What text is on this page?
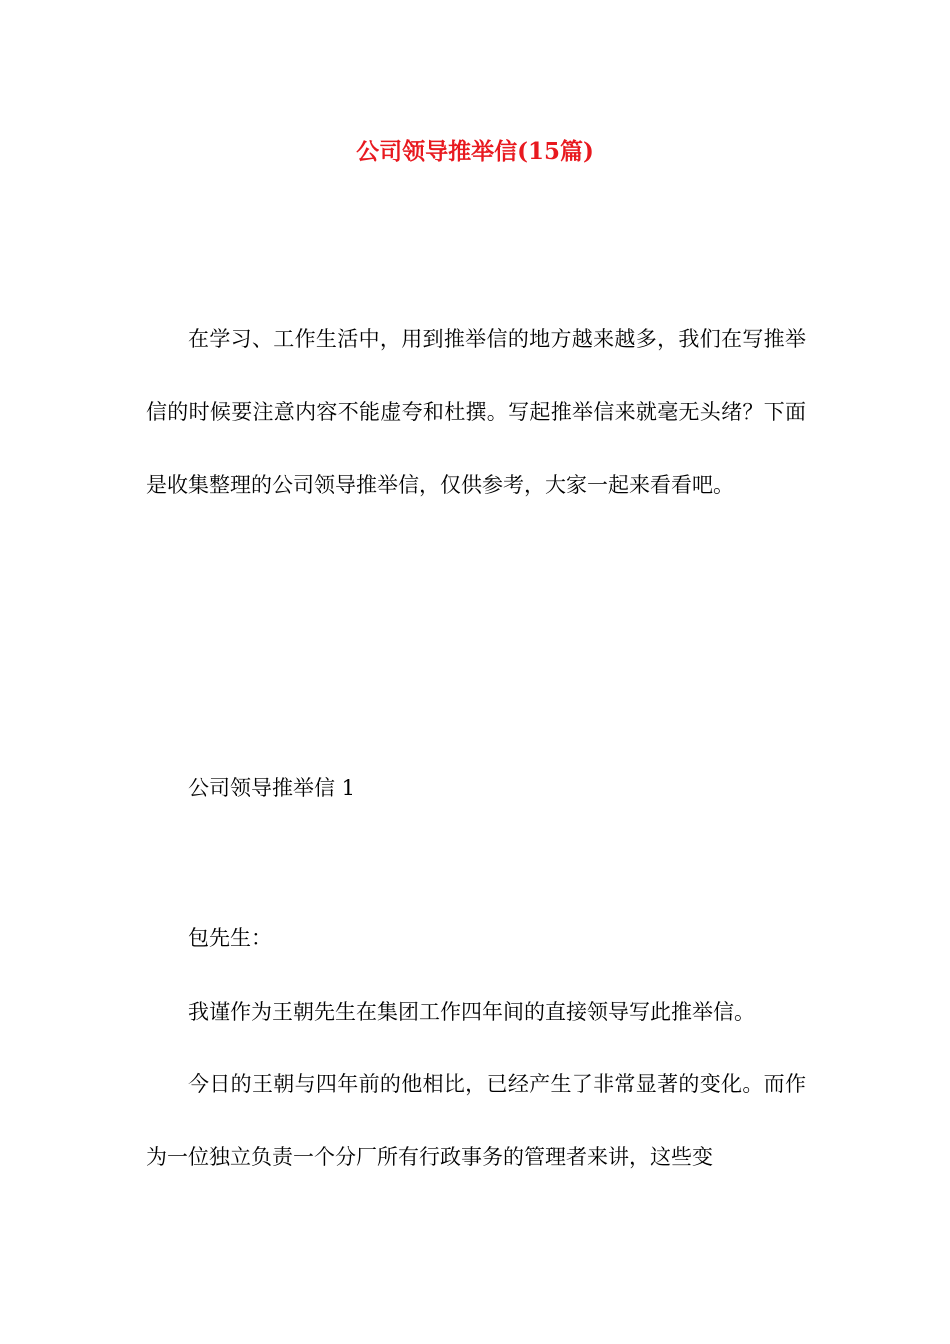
公司领导推举信(15篇)

在学习、工作生活中，用到推举信的地方越来越多，我们在写推举信的时候要注意内容不能虚夸和杜撰。写起推举信来就毫无头绪？下面是收集整理的公司领导推举信，仅供参考，大家一起来看看吧。

公司领导推举信 1

包先生：

我谨作为王朝先生在集团工作四年间的直接领导写此推举信。

今日的王朝与四年前的他相比，已经产生了非常显著的变化。而作为一位独立负责一个分厂所有行政事务的管理者来讲，这些变
